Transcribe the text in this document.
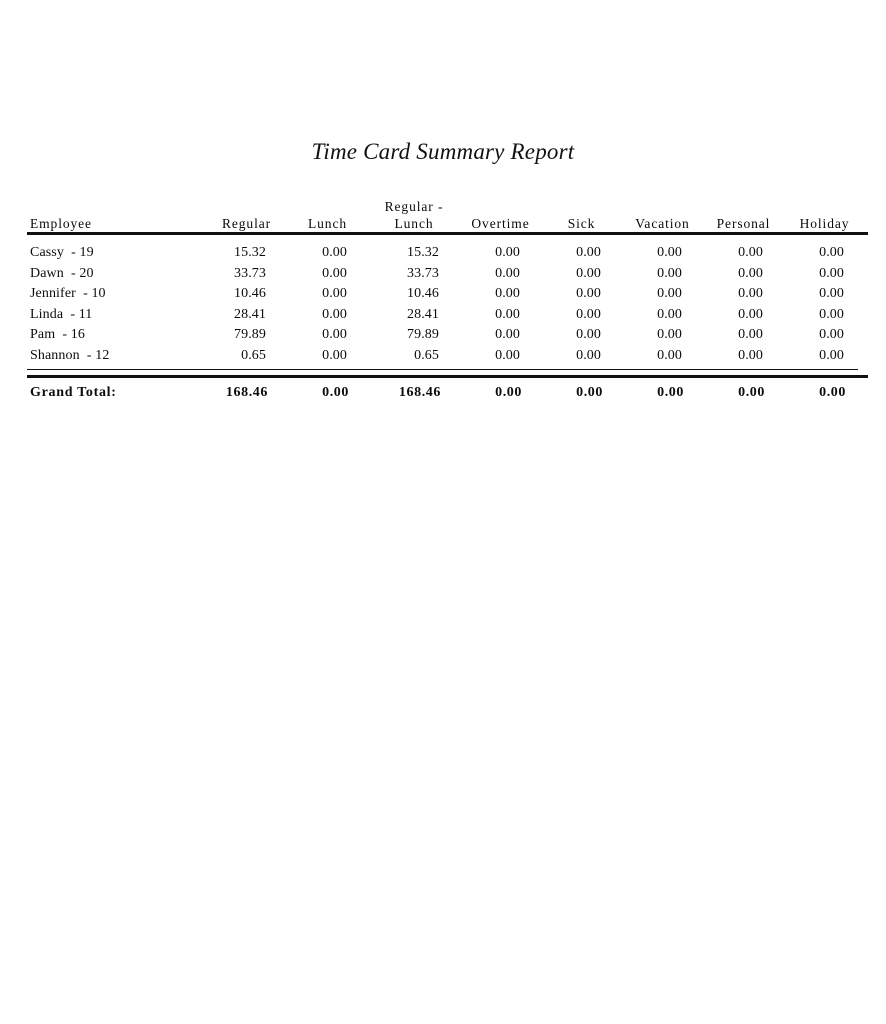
Time Card Summary Report
Employee	Regular	Lunch	Regular -
Lunch	Overtime	Sick	Vacation	Personal	Holiday

Cassy  - 19	15.32	0.00	15.32	0.00	0.00	0.00	0.00	0.00
Dawn  - 20	33.73	0.00	33.73	0.00	0.00	0.00	0.00	0.00
Jennifer  - 10	10.46	0.00	10.46	0.00	0.00	0.00	0.00	0.00
Linda  - 11	28.41	0.00	28.41	0.00	0.00	0.00	0.00	0.00
Pam  - 16	79.89	0.00	79.89	0.00	0.00	0.00	0.00	0.00
Shannon  - 12	0.65	0.00	0.65	0.00	0.00	0.00	0.00	0.00

Grand Total:	168.46	0.00	168.46	0.00	0.00	0.00	0.00	0.00
